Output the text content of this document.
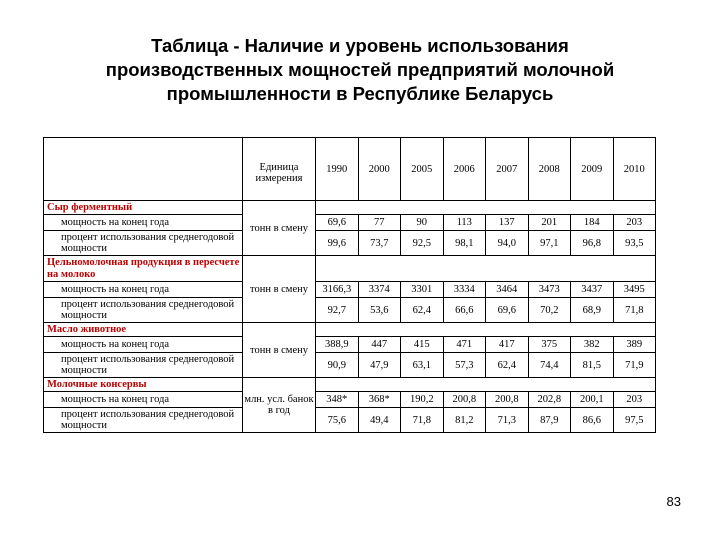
Таблица - Наличие и уровень использования
производственных мощностей предприятий молочной
промышленности в Республике Беларусь
	Единица измерения	1990	2000	2005	2006	2007	2008	2009	2010
Сыр ферментный	тонн в смену								
мощность на конец года		69,6	77	90	113	137	201	184	203
процент использования среднегодовой мощности		99,6	73,7	92,5	98,1	94,0	97,1	96,8	93,5
Цельномолочная продукция в пересчете на молоко	тонн в смену								
мощность на конец года		3166,3	3374	3301	3334	3464	3473	3437	3495
процент использования среднегодовой мощности		92,7	53,6	62,4	66,6	69,6	70,2	68,9	71,8
Масло животное	тонн в смену								
мощность на конец года		388,9	447	415	471	417	375	382	389
процент использования среднегодовой мощности		90,9	47,9	63,1	57,3	62,4	74,4	81,5	71,9
Молочные консервы	млн. усл. банок в год								
мощность на конец года		348*	368*	190,2	200,8	200,8	202,8	200,1	203
процент использования среднегодовой мощности		75,6	49,4	71,8	81,2	71,3	87,9	86,6	97,5
83
